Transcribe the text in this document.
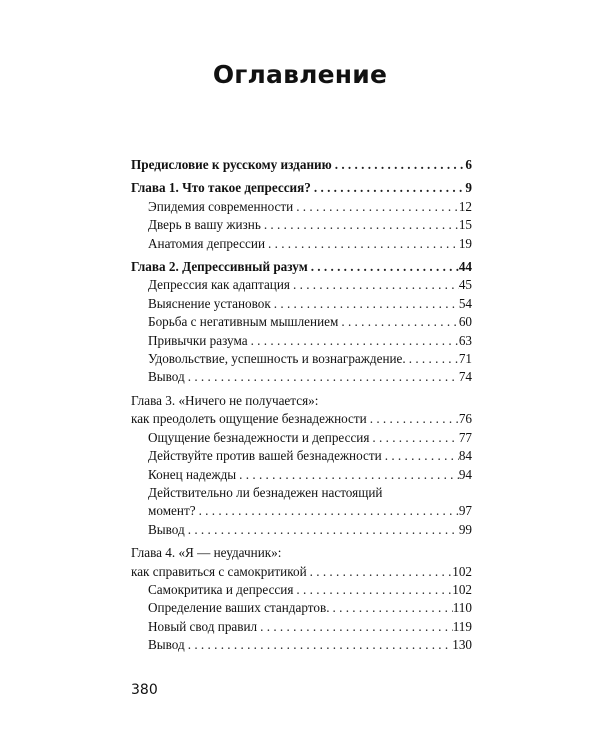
Оглавление
Предисловие к русскому изданию . . .	6
Глава 1. Что такое депрессия? . . .	9
Эпидемия современности . . .	12
Дверь в вашу жизнь . . .	15
Анатомия депрессии . . .	19
Глава 2. Депрессивный разум . . .	44
Депрессия как адаптация . . .	45
Выяснение установок . . .	54
Борьба с негативным мышлением . . .	60
Привычки разума . . .	63
Удовольствие, успешность и вознаграждение. . . .	71
Вывод . . .	74
Глава 3. «Ничего не получается»:
как преодолеть ощущение безнадежности . . .	76
Ощущение безнадежности и депрессия . . .	77
Действуйте против вашей безнадежности . . .	84
Конец надежды . . .	94
Действительно ли безнадежен настоящий
момент? . . .	97
Вывод . . .	99
Глава 4. «Я — неудачник»:
как справиться с самокритикой . . .	102
Самокритика и депрессия . . .	102
Определение ваших стандартов. . . .	110
Новый свод правил . . .	119
Вывод . . .	130
380
